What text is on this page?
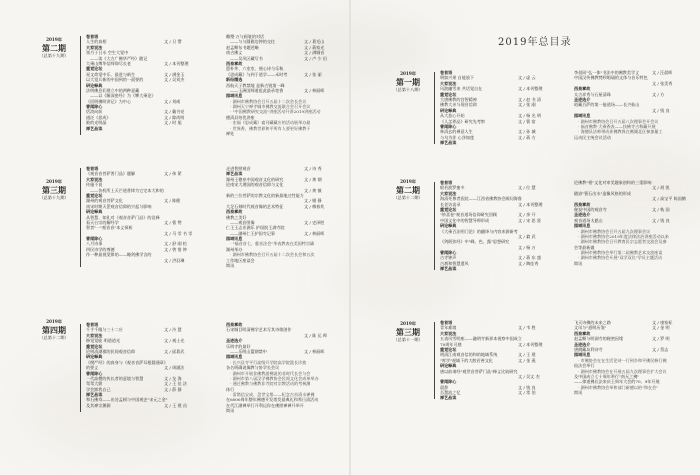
2019年总目录
2019年
第二期
（总第十九期）
卷首语
人生的真相	文 / 旦 譬
大家说法
领月于日水 空生大觉中
——读《大方广佛华严经》随记
大乘山博华信师仰尽长老	文 / 本刊整理
重觉论坛
星文命觉中乐、最进与新生	文 / 满金玉
以大觉兵新的中国到的一面要的	文 / 吴刘杰
研论释典
法明佛息们建立中的两种意藏
——以《解深密经》为《攀大乘论》
《回明佛明讲记》为中心	文 / 刘威
曾闻除心
恬淡向前	文 / 戴书亮
通泛《思成》	文 / 除尚明
败的光明晶	文 / 时 旭
禅艺品读
雕塑·万与画笔的对话
——与与圆雅边钟的交往	文 / 葛毛山
赵孟頫东书题述略	文 / 蒋家光
南吉佛义	文 / 满城音
——吴凤区藏写书	文 / 卢 少 田
西泉掌故
愚朴茅、六室室、便心诗与乐秋
《思成藏》与到于道学——禾时考	文 / 张 丽
新经精选
西航天子教禁地 是新古锐第一峰
——玉洲国师道祖此最录宽香	文 / 林丽晖
园域讯息
· 湖州市佛教协会召开五届十二次会长会议
· 湖州天宁禅寺城市佛教交流联合会召开会议
· "中国佛教研究交流"讲座活动开讲2019讲座活动
德清县培优讲座
· 宏福《思成藏》索刊藏藏应的活动展举办最
· 世界香，佛教世界和平所有人要更好佛教干
禅处
2019年
第三期
（总第十九期）
卷首语
《观音音菩萨普门品》题解	文 / 伟 紧
大家说法
传施不说
——仿机所上天芒道普律为它定本大和的
重觉论坛
湖州的观音菩萨文化	文 / 陈健
南宋时期天罡观音信仰的兴起与影响
研论释典
从智慧、知礼对《观音音萨门品》的诠释
看天台宗的解经学	文 / 曹 赞
智者"一"观音音"本义探析
文 / 马 零 书 零
曾闻除心
八月诗事	文 / 舒 刚 松
四民诗学的尊德	文 / 曾 惜 钟
作一种最视觉律的——睡剑佛学含的
文 / 洪羽琳
走进普照观音	文 / 诗 秀
禅艺品读
湖州王德泉中国观音文化的研究	文 / 黄 钢
论南宋大理国的观音信仰与文化
文 / 黄 慎
新的三位菩萨的宗教文化的新最地过性能力
文 / 谢 静
大足石刻时代观音像的艺术特征	文 / 梅春兆
西泉掌故
佛教之美好
——观音图像	文 / 史泽胜
仁王王志业满乐 护国院王满寺院
——湖州仁王护国寺记事	文 / 林丽晖
园域讯息
· "福音音七、慈音法会"华表教表在美国特宗确
湖州举办
· 湖州市佛教协会召开五届十二次会长会和五次
工作地区座谈会
简讯
2019年
第四期
（总第十二期）
卷首语
千手千眼与三十二应	文 / 冷 慧
大家说法
修觉觉能 明道道光	文 / 观士光
重觉论坛
论明清湖郡的民间观音信仰	文 / 邱葛武
研论释典
《楞严经》的真身与《观音音萨耳根圆通章》
的要义	文 / 周涵法
曾闻除心
一代高僧的传长者的意境与智慧	文 / 龙 海
驾驾大鼎	文 / 王 佳 法
学会卸我自己	文 / 薛 静
禅艺品读
和石佛寿——出处孟顿与中国观史"宋元之金"
及其禅宗渊源	文 / 王 建 昌
西泉掌故
石宋城目明清佛学艺术写其诗歌创作
文 / 陈 运 师
圣迹选介
乐明寺的最好
——乐明山篮钢禁中	文 / 林丽晖
园域讯息
· 长兴县寺平行高级开学院高学院派长诊旅
各名明确说像教与协学长会议
· 湖州市开展非佛教游佛说的非时代长会与会
· 湖州市第八届汉学佛教协会民间文化会成单举办
· 通过佛教与佛教非寺院对宗教活动的考核测
体行
· 雷塔信宝成、盘世宝塔——纪念吉首清水禅佛
在6000周年整年佛德开发塔发最典礼和养日清活动
在代江湖禅举行开利运你在佛照禅禅开举开
简讯
2019年
第一期
（总第十八期）
卷首语
明如兴果 自能放下	文 / 虚 云
大家说法
风波幽雪来 共话觉自在	文 / 本刊整理
重觉论坛
大唐佛教的宫智精神	文 / 赵 书 清
佛教大亲与现音信仰	文 / 张 刚
研论释典
从大悲心开始	文 / 杨 光 明
《人怎养品》研究先考察	文 / 曹 宿
曾闻除心
林清玄的禅意人生	文 / 孙 城
与乌为伴 心净如莲	文 / 蒋 方
禅艺品读
李叔同"弘一体"书法中的佛教美学义	文 / 汪晨晖
中国汉传佛教梵呗唱诵的文体与音乐特色
文 / 张美秀
西泉掌故
太古祥秀与石屋清珠	文 / 方
圣迹选介
昭藏百萨的第一能道场——长兴仙山
文 / 钱 良
园域讯息
· 湖州市佛教协会召开五届八次理事会开会议
· 福音佛教·大乘香表——扶佛寺古称藏开展
· 海德县法师带动你佛教界在佛湖北区参加量工
运动民主统会议活动
2019年
第二期
（总第十二期）
卷首语
般若波罗蜜多	文 / 位 慧
大家说法
海清死尊者医院——江西省佛教协会顾问海鲁
长老访谈录	文 / 本刊整理
重觉论坛
"妙喜卷"观音道场信仰研究回顾	文 / 余 开
中国文化中的智慧导师形成	文 / 宋 思 贤
研论释典
《大乘百法明门论》的翻译与内容来源新考
文 / 翁 武
《剑阿弥经》中"峰、色、露"思想研究
文 / 杨 万
曾闻除心
古寺钟声	文 / 蒋 东 盛
古刹和智慧遗风	文 / 陶佳秀
禅艺品读
论佛教"相"文化对审美趣象创构的三重影响
文 / 胡 凯
随谚"曹石出水"造像风格的形成
文 / 高宝平 陈国鹤
西泉掌故
秘说中国的观音寺	文 / 秋 国
圣迹选介
观音道场太慈山	文 / 钱 良
园域讯息
· 湖州市佛教协会召开五届九次理事会议
· 湖州市佛教协会2019年度法律法治讲座活动以来
· 湖州市佛教协会召开教育民宗志愿者交流会及参
会等最新做
· 湖州市佛教协会举行第二届佛教艺术交流座谈
· 湖州市佛教协会开展"双学双比"学员主题活动
简讯
2019年
第三期
（总第十一期）
卷首语
青年难境	文 / 韦 胜
大家说法
五表风雪明座——融明寺新界本视察中国成立
70周年可感	文 / 本刊整理
重觉论坛
明清江南观音信的和的地域系统	文 / 王 建
"库学"视域下的大般若善文化	文 / 金 燕
研论释典
唐以前诸经"观世音菩萨门品"释义比较研究
文 / 吴文 杰
曾闻除心
晨辞	文 / 钱 良
吾慧流之忆	文 / 常 伯
禅艺品读
飞天诗佛的未来之路	文 / 康家标
文凤与"道明历笺"	文 / 金 明
西泉掌故
赵孟頫与明洞寺的秘密因缘	文 / 罗 明
圣迹选介
唐跳藏岛利诗寺	文 / 蔡志
园域讯息
· 市佛协会在在生活论诗一行到乡和平佛民修行佛
仙法会举行
· 湖州市佛教协会在开展五届九次理事会扩大会议
及中国成立七十周年举行"南无之佛"
——律道佛长法来庆王周年大会的70、9年开展
· 湖州市佛教协会举和部门新德以的"和在会"
简讯
